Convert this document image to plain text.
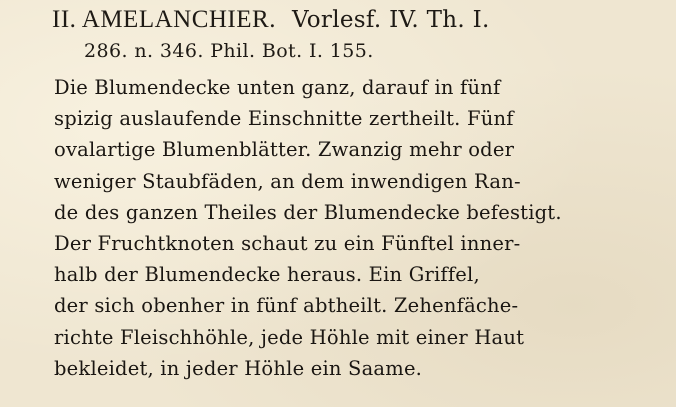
II. AMELANCHIER. Vorlesf. IV. Th. I.
286. n. 346. Phil. Bot. I. 155.
Die Blumendecke unten ganz, darauf in fünf
spizig auslaufende Einschnitte zertheilt. Fünf
ovalartige Blumenblätter. Zwanzig mehr oder
weniger Staubfäden, an dem inwendigen Ran-
de des ganzen Theiles der Blumendecke befestigt.
Der Fruchtknoten schaut zu ein Fünftel inner-
halb der Blumendecke heraus. Ein Griffel,
der sich obenher in fünf abtheilt. Zehenfäche-
richte Fleischhöhle, jede Höhle mit einer Haut
bekleidet, in jeder Höhle ein Saame.
